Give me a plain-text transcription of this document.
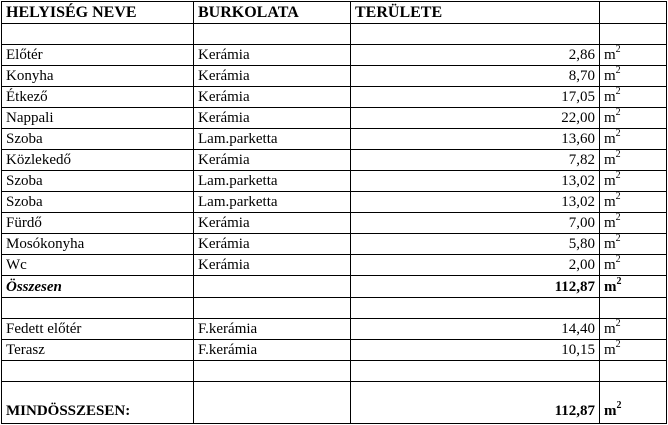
HELYISÉG NEVE	BURKOLATA	TERÜLETE	

Előtér	Kerámia	2,86	$m^2$
Konyha	Kerámia	8,70	$m^2$
Étkező	Kerámia	17,05	$m^2$
Nappali	Kerámia	22,00	$m^2$
Szoba	Lam.parketta	13,60	$m^2$
Közlekedő	Kerámia	7,82	$m^2$
Szoba	Lam.parketta	13,02	$m^2$
Szoba	Lam.parketta	13,02	$m^2$
Fürdő	Kerámia	7,00	$m^2$
Mosókonyha	Kerámia	5,80	$m^2$
Wc	Kerámia	2,00	$m^2$
Összesen		112,87	$m^2$

Fedett előtér	F.kerámia	14,40	$m^2$
Terasz	F.kerámia	10,15	$m^2$

MINDÖSSZESEN:		112,87	$m^2$
